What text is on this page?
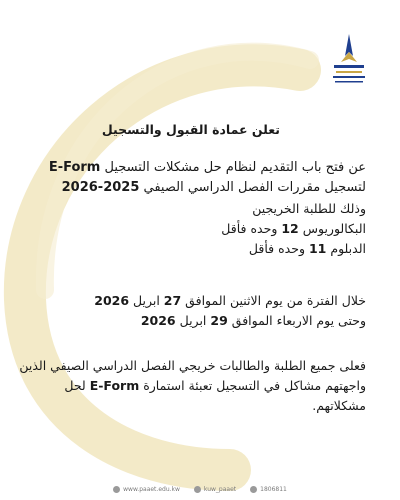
تعلن عمادة القبول والتسجيل
عن فتح باب التقديم لنظام حل مشكلات التسجيل E-Form
لتسجيل مقررات الفصل الدراسي الصيفي 2025-2026
وذلك للطلبة الخريجين
البكالوريوس 12 وحده فأقل
الدبلوم 11 وحده فأقل
خلال الفترة من يوم الاثنين الموافق 27 ابريل 2026
وحتى يوم الاربعاء الموافق 29 ابريل 2026
فعلى جميع الطلبة والطالبات خريجي الفصل الدراسي الصيفي الذين
واجهتهم مشاكل في التسجيل تعبئة استمارة E-Form لحل
مشكلاتهم.
www.paaet.edu.kw	kuw_paaet	1806811
